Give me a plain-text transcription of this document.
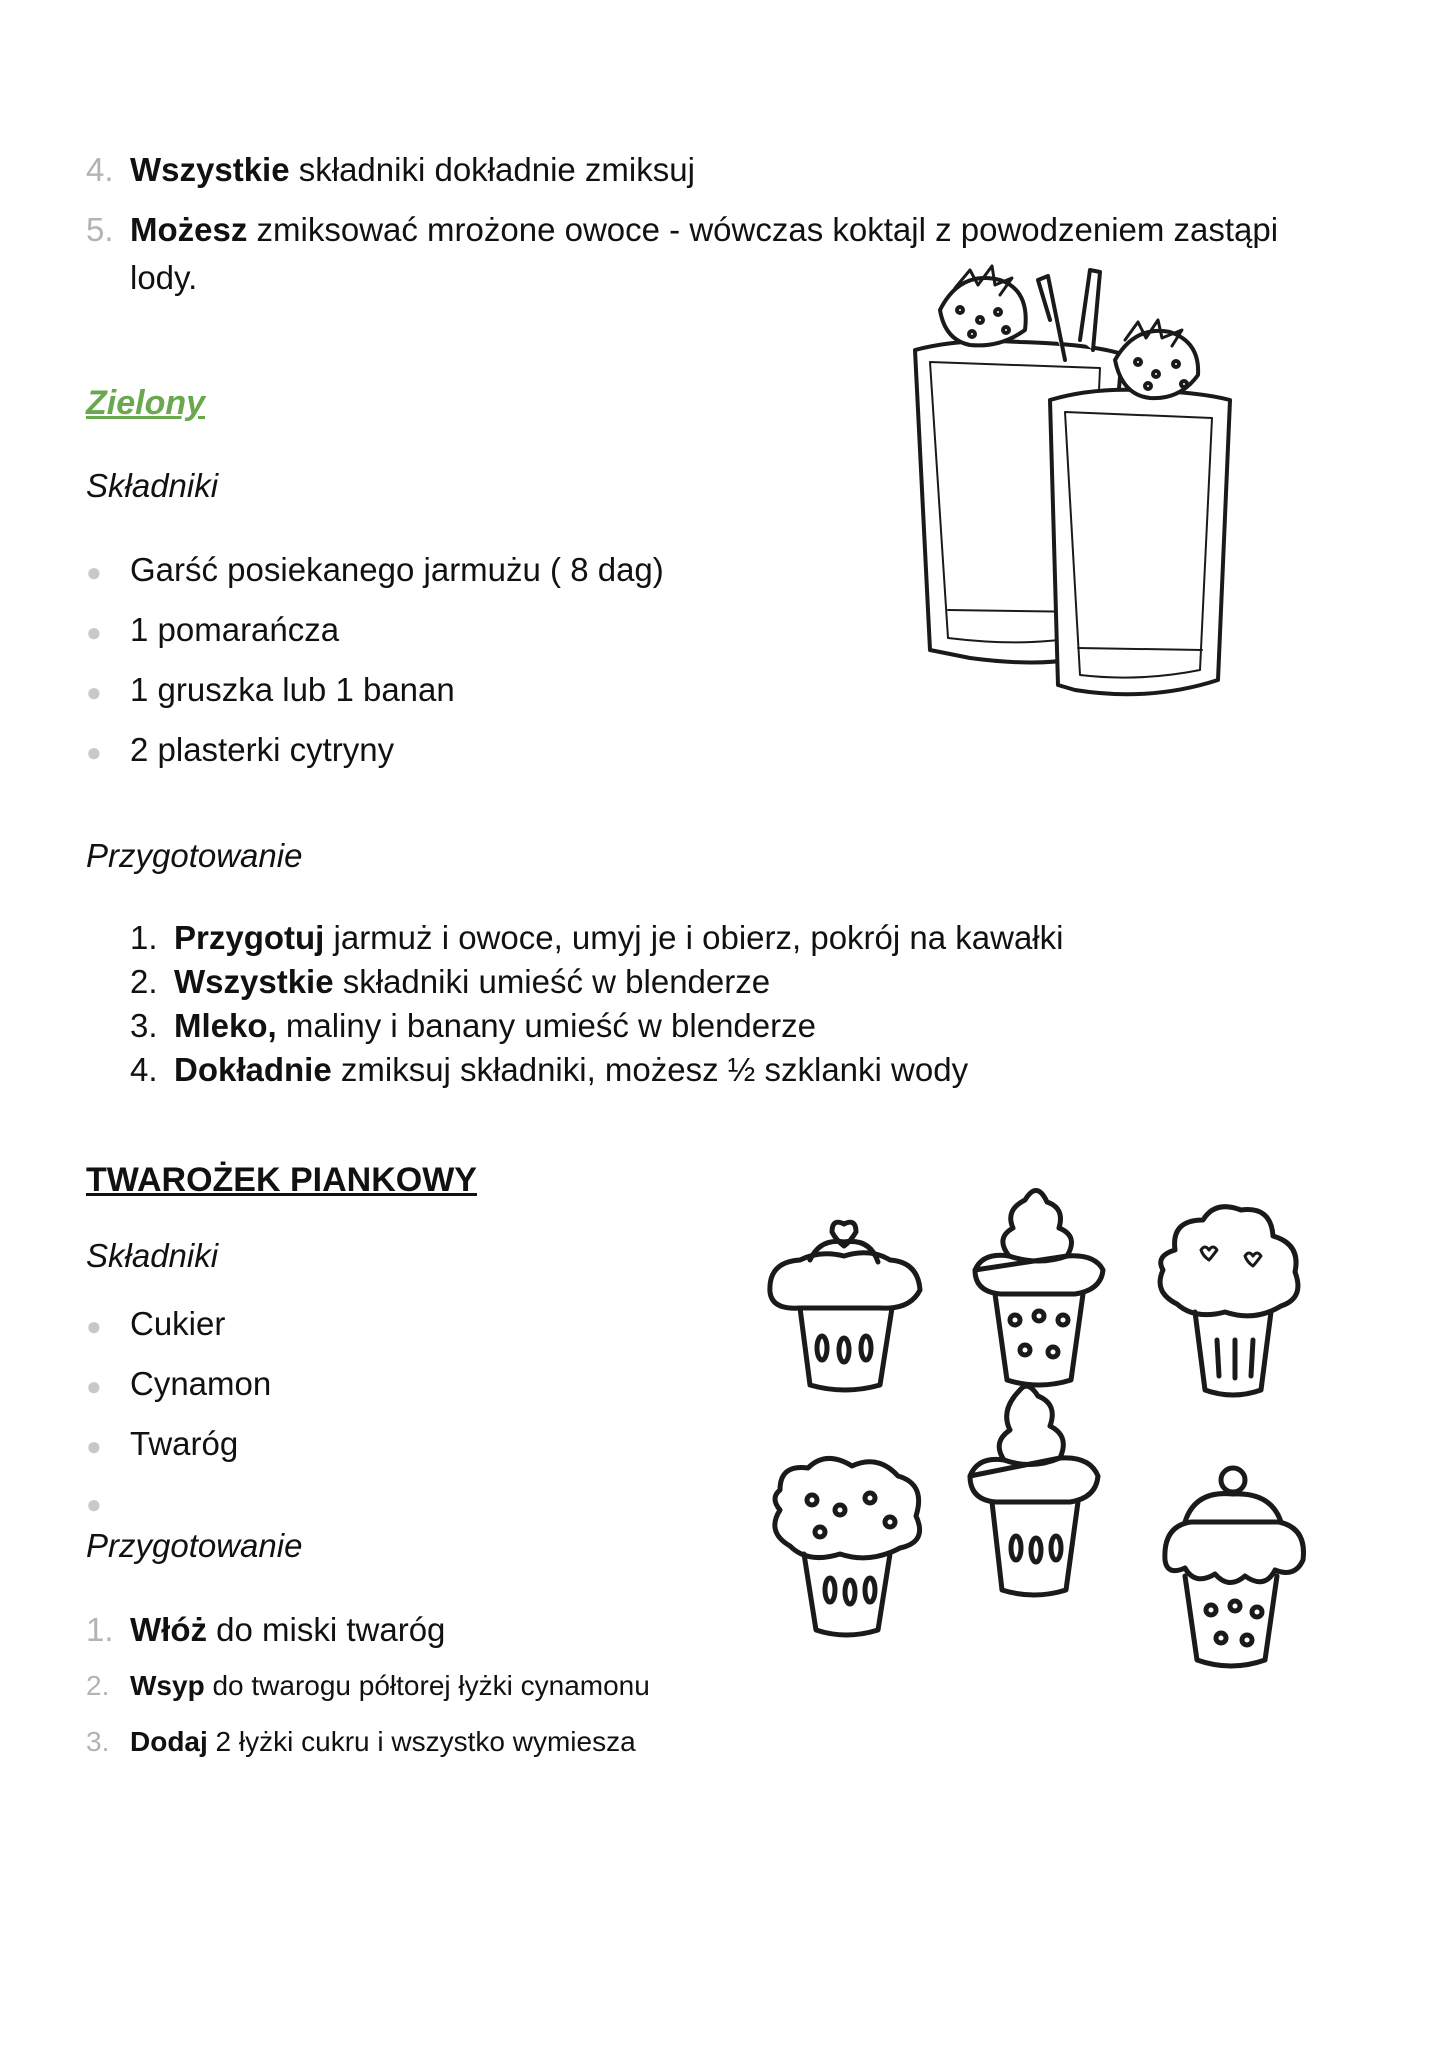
4. Wszystkie składniki dokładnie zmiksuj
5. Możesz zmiksować mrożone owoce - wówczas koktajl z powodzeniem zastąpi
lody.
Zielony
Składniki
● Garść posiekanego jarmużu ( 8 dag)
● 1 pomarańcza
● 1 gruszka lub 1 banan
● 2 plasterki cytryny
Przygotowanie
1. Przygotuj jarmuż i owoce, umyj je i obierz, pokrój na kawałki
2. Wszystkie składniki umieść w blenderze
3. Mleko, maliny i banany umieść w blenderze
4. Dokładnie zmiksuj składniki, możesz ½ szklanki wody
TWAROŻEK PIANKOWY
Składniki
● Cukier
● Cynamon
● Twaróg
●
Przygotowanie
1. Włóż do miski twaróg
2. Wsyp do twarogu półtorej łyżki cynamonu
3. Dodaj 2 łyżki cukru i wszystko wymiesza
